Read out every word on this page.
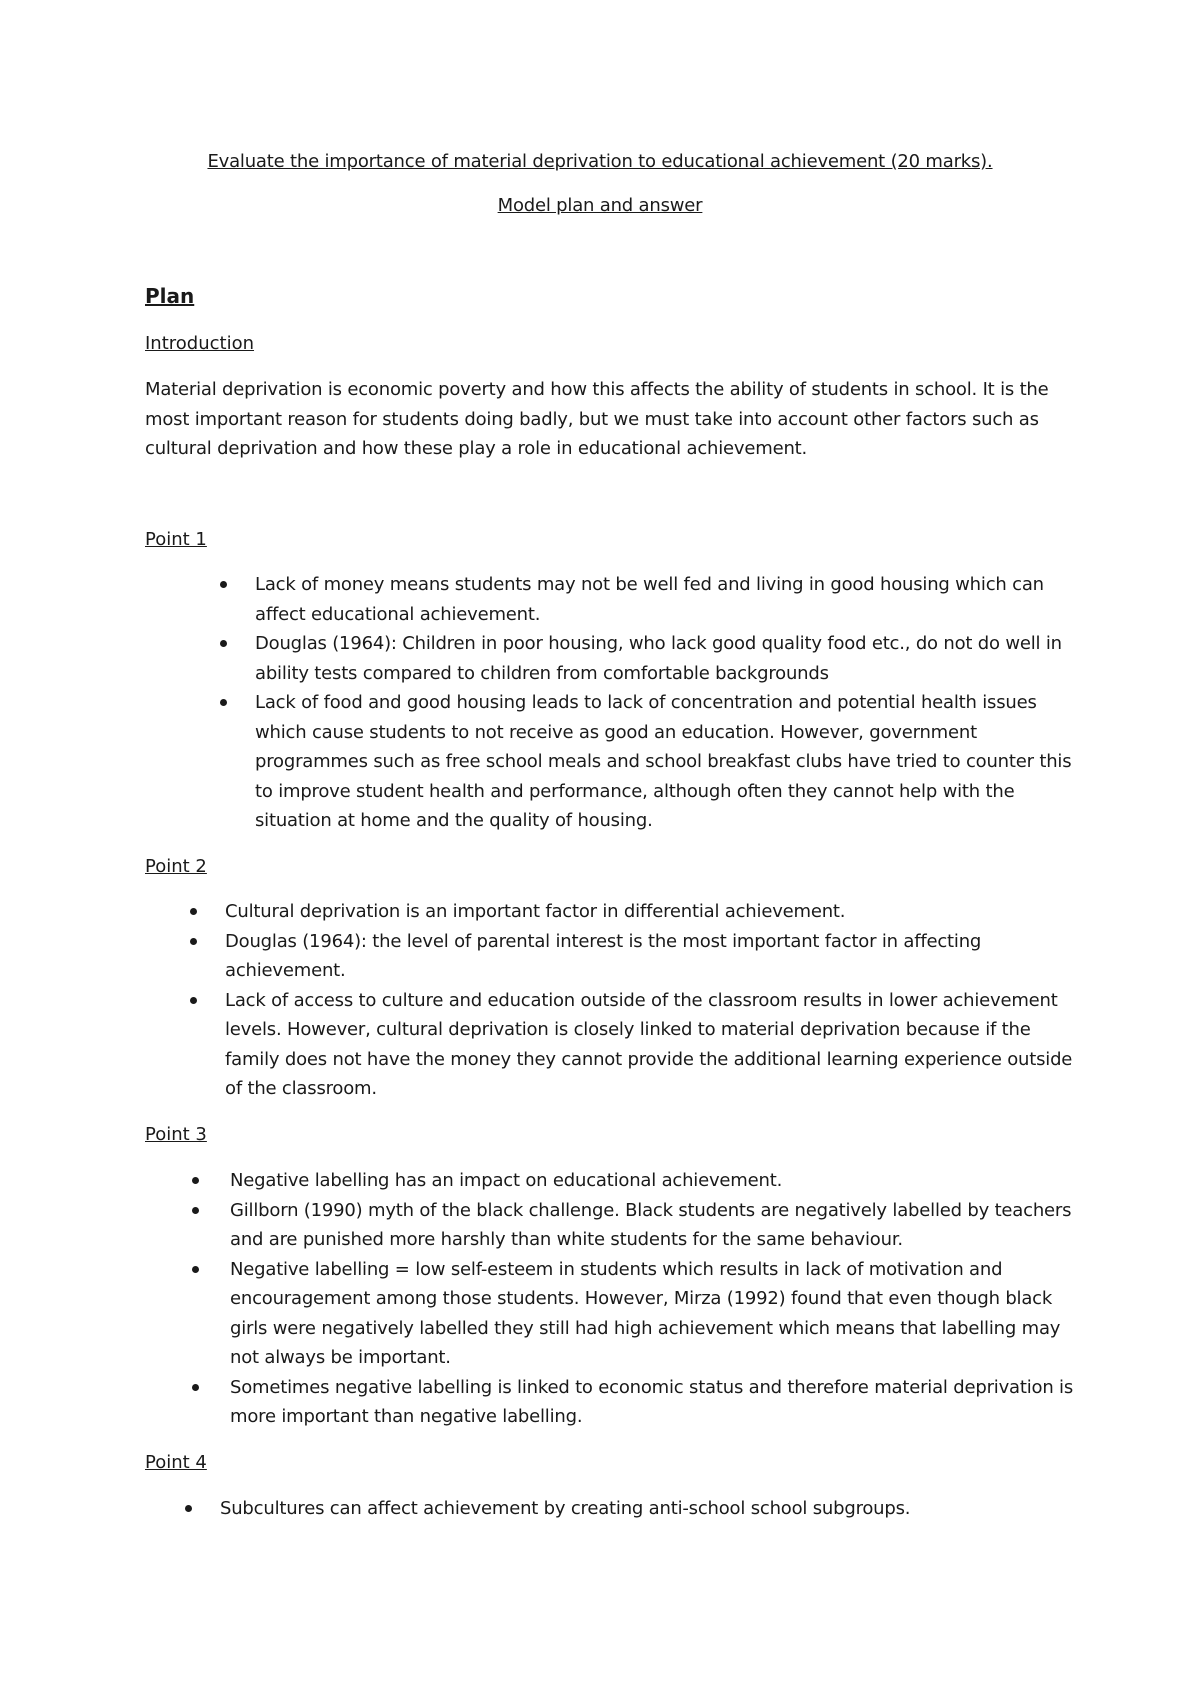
Evaluate the importance of material deprivation to educational achievement (20 marks).
Model plan and answer
Plan
Introduction
Material deprivation is economic poverty and how this affects the ability of students in school. It is the most important reason for students doing badly, but we must take into account other factors such as cultural deprivation and how these play a role in educational achievement.
Point 1
Lack of money means students may not be well fed and living in good housing which can affect educational achievement.
Douglas (1964): Children in poor housing, who lack good quality food etc., do not do well in ability tests compared to children from comfortable backgrounds
Lack of food and good housing leads to lack of concentration and potential health issues which cause students to not receive as good an education. However, government programmes such as free school meals and school breakfast clubs have tried to counter this to improve student health and performance, although often they cannot help with the situation at home and the quality of housing.
Point 2
Cultural deprivation is an important factor in differential achievement.
Douglas (1964): the level of parental interest is the most important factor in affecting achievement.
Lack of access to culture and education outside of the classroom results in lower achievement levels. However, cultural deprivation is closely linked to material deprivation because if the family does not have the money they cannot provide the additional learning experience outside of the classroom.
Point 3
Negative labelling has an impact on educational achievement.
Gillborn (1990) myth of the black challenge. Black students are negatively labelled by teachers and are punished more harshly than white students for the same behaviour.
Negative labelling = low self-esteem in students which results in lack of motivation and encouragement among those students. However, Mirza (1992) found that even though black girls were negatively labelled they still had high achievement which means that labelling may not always be important.
Sometimes negative labelling is linked to economic status and therefore material deprivation is more important than negative labelling.
Point 4
Subcultures can affect achievement by creating anti-school school subgroups.
